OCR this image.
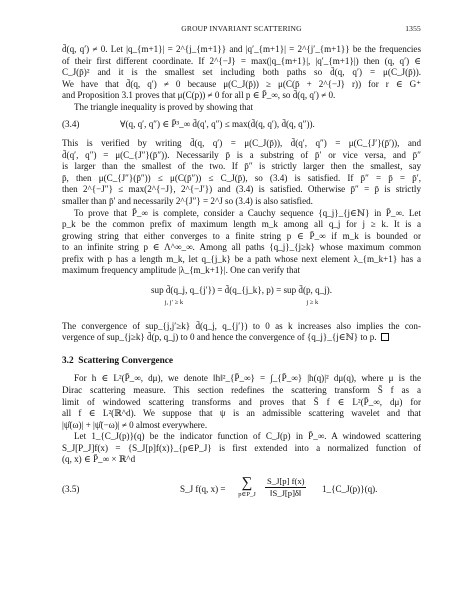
GROUP INVARIANT SCATTERING	1355
d̄(q, q′) ≠ 0. Let |q_{m+1}| = 2^{j_{m+1}} and |q′_{m+1}| = 2^{j′_{m+1}} be the frequencies
of their first different coordinate. If 2^{−J} = max(|q_{m+1}|, |q′_{m+1}|) then (q, q′) ∈
C_J(p̄)² and it is the smallest set including both paths so d̄(q, q′) = μ(C_J(p̄)).
We have that d̄(q, q′) ≠ 0 because μ(C_J(p̄)) ≥ μ(C(p̄ + 2^{−J} r)) for r ∈ G⁺
and Proposition 3.1 proves that μ(C(p)) ≠ 0 for all p ∈ P̄_∞, so d̄(q, q′) ≠ 0.
The triangle inequality is proved by showing that
(3.4)	∀(q, q′, q″) ∈ P̄³_∞ d̄(q′, q″) ≤ max(d̄(q, q′), d̄(q, q″)).
This is verified by writing d̄(q, q′) = μ(C_J(p̄)), d̄(q′, q″) = μ(C_{J′}(p̄′)), and
d̄(q′, q″) = μ(C_{J″}(p̄″)). Necessarily p̄ is a substring of p̄′ or vice versa, and p̄″
is larger than the smallest of the two. If p̄″ is strictly larger then the smallest, say
p̄, then μ(C_{J″}(p̄″)) ≤ μ(C(p̄″)) ≤ C_J(p̄), so (3.4) is satisfied. If p̄″ = p̄ = p̄′,
then 2^{−J″} ≤ max(2^{−J}, 2^{−J′}) and (3.4) is satisfied. Otherwise p̄″ = p̄ is strictly
smaller than p̄′ and necessarily 2^{J″} = 2^J so (3.4) is also satisfied.
To prove that P̄_∞ is complete, consider a Cauchy sequence {q_j}_{j∈ℕ} in P̄_∞. Let
p_k be the common prefix of maximum length m_k among all q_j for j ≥ k. It is a
growing string that either converges to a finite string p ∈ P̄_∞ if m_k is bounded or
to an infinite string p ∈ Λ^∞_∞. Among all paths {q_j}_{j≥k} whose maximum common
prefix with p has a length m_k, let q_{j_k} be a path whose next element λ_{m_k+1} has a
maximum frequency amplitude |λ_{m_k+1}|. One can verify that
sup d̄(q_j, q_{j′}) = d̄(q_{j_k}, p) = sup d̄(p, q_j).
j, j′ ≥ k	j ≥ k
The convergence of sup_{j,j′≥k} d̄(q_j, q_{j′}) to 0 as k increases also implies the con-
vergence of sup_{j≥k} d̄(p, q_j) to 0 and hence the convergence of {q_j}_{j∈ℕ} to p.
3.2 Scattering Convergence
For h ∈ L²(P̄_∞, dμ), we denote ‖h‖²_{P̄_∞} = ∫_{P̄_∞} |h(q)|² dμ(q), where μ is the
Dirac scattering measure. This section redefines the scattering transform S̄ f as a
limit of windowed scattering transforms and proves that S̄ f ∈ L²(P̄_∞, dμ) for
all f ∈ L²(ℝ^d). We suppose that ψ is an admissible scattering wavelet and that
|ψ̂(ω)| + |ψ̂(−ω)| ≠ 0 almost everywhere.
Let 1_{C_J(p)}(q) be the indicator function of C_J(p) in P̄_∞. A windowed scattering
S_J[P_J]f(x) = {S_J[p]f(x)}_{p∈P_J} is first extended into a normalized function of
(q, x) ∈ P̄_∞ × ℝ^d
(3.5)	S_J f(q, x) =	∑
p∈P_J	$\frac{S\_J[p] f(x)}{‖S\_J[p]\delta‖}$ 1_{C_J(p)}(q).
